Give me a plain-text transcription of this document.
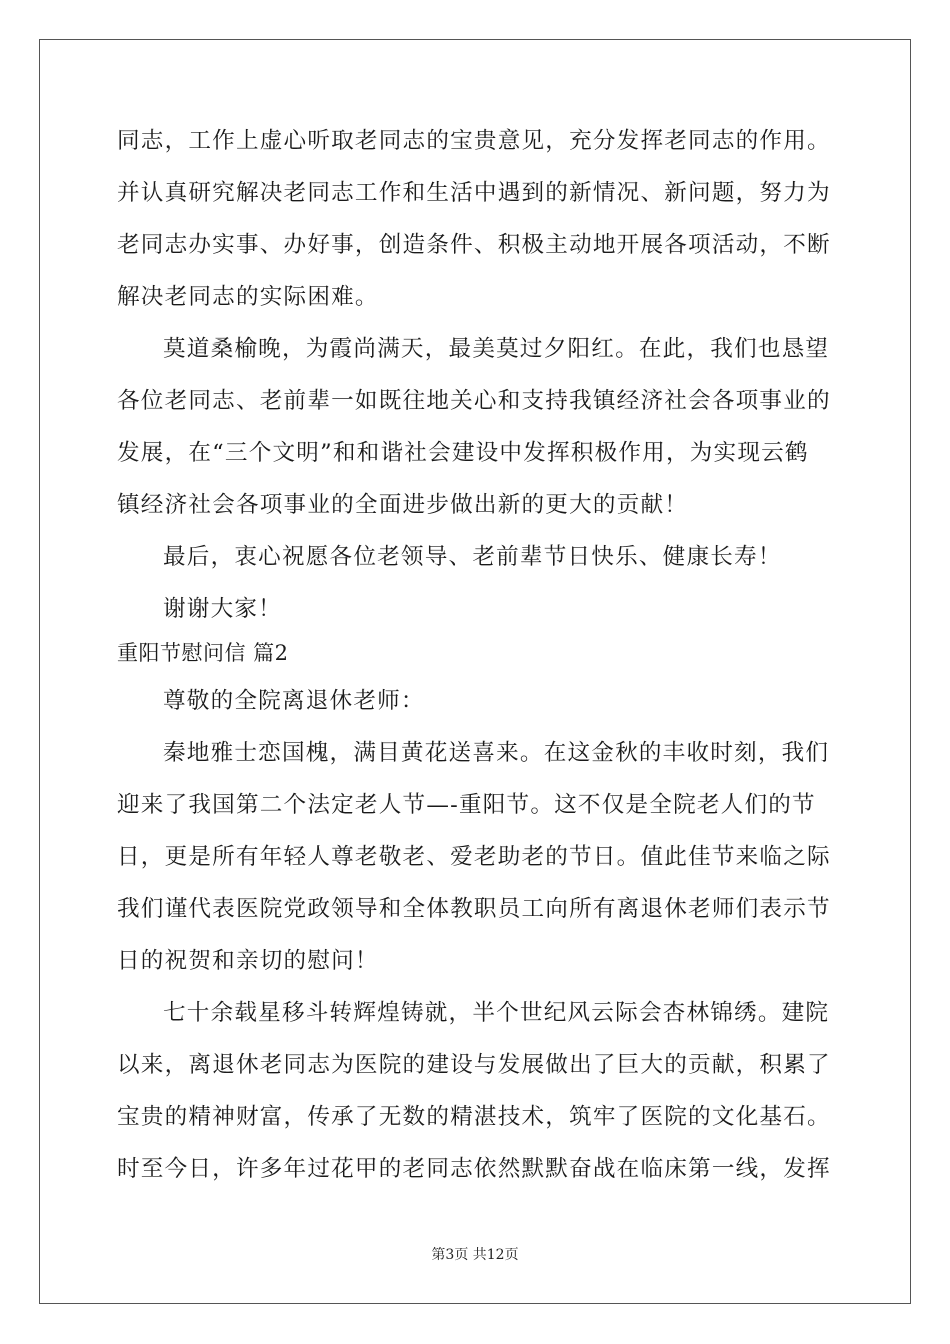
同志，工作上虚心听取老同志的宝贵意见，充分发挥老同志的作用。
并认真研究解决老同志工作和生活中遇到的新情况、新问题，努力为
老同志办实事、办好事，创造条件、积极主动地开展各项活动，不断
解决老同志的实际困难。
莫道桑榆晚，为霞尚满天，最美莫过夕阳红。在此，我们也恳望
各位老同志、老前辈一如既往地关心和支持我镇经济社会各项事业的
发展，在“三个文明”和和谐社会建设中发挥积极作用，为实现云鹤
镇经济社会各项事业的全面进步做出新的更大的贡献！
最后，衷心祝愿各位老领导、老前辈节日快乐、健康长寿！
谢谢大家！
重阳节慰问信 篇2
尊敬的全院离退休老师：
秦地雅士恋国槐，满目黄花送喜来。在这金秋的丰收时刻，我们
迎来了我国第二个法定老人节—-重阳节。这不仅是全院老人们的节
日，更是所有年轻人尊老敬老、爱老助老的节日。值此佳节来临之际
我们谨代表医院党政领导和全体教职员工向所有离退休老师们表示节
日的祝贺和亲切的慰问！
七十余载星移斗转辉煌铸就，半个世纪风云际会杏林锦绣。建院
以来，离退休老同志为医院的建设与发展做出了巨大的贡献，积累了
宝贵的精神财富，传承了无数的精湛技术，筑牢了医院的文化基石。
时至今日，许多年过花甲的老同志依然默默奋战在临床第一线，发挥
第3页 共12页
